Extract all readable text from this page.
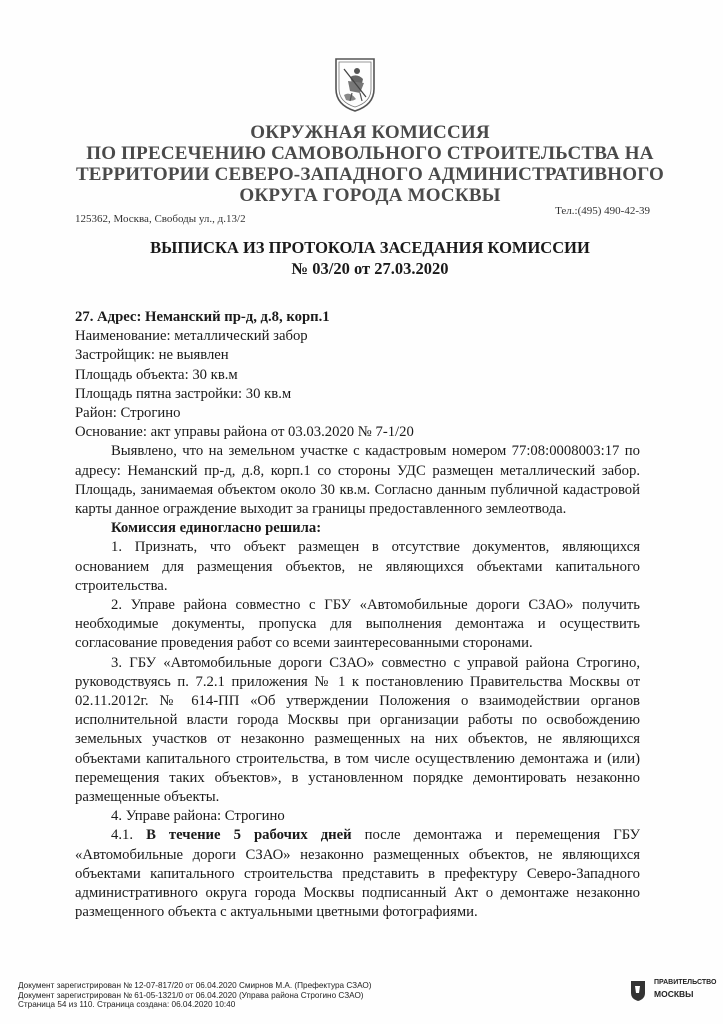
ОКРУЖНАЯ КОМИССИЯ
ПО ПРЕСЕЧЕНИЮ САМОВОЛЬНОГО СТРОИТЕЛЬСТВА НА
ТЕРРИТОРИИ СЕВЕРО-ЗАПАДНОГО АДМИНИСТРАТИВНОГО
ОКРУГА ГОРОДА МОСКВЫ
125362, Москва, Свободы ул., д.13/2
Тел.:(495) 490-42-39
ВЫПИСКА ИЗ ПРОТОКОЛА ЗАСЕДАНИЯ КОМИССИИ
№ 03/20 от 27.03.2020

27. Адрес: Неманский пр-д, д.8, корп.1

Наименование: металлический забор

Застройщик: не выявлен

Площадь объекта: 30 кв.м

Площадь пятна застройки: 30 кв.м

Район: Строгино

Основание: акт управы района от 03.03.2020 № 7-1/20

Выявлено, что на земельном участке с кадастровым номером 77:08:0008003:17 по адресу: Неманский пр-д, д.8, корп.1 со стороны УДС размещен металлический забор. Площадь, занимаемая объектом около 30 кв.м. Согласно данным публичной кадастровой карты данное ограждение выходит за границы предоставленного землеотвода.

Комиссия единогласно решила:

1. Признать, что объект размещен в отсутствие документов, являющихся основанием для размещения объектов, не являющихся объектами капитального строительства.

2. Управе района совместно с ГБУ «Автомобильные дороги СЗАО» получить необходимые документы, пропуска для выполнения демонтажа и осуществить согласование проведения работ со всеми заинтересованными сторонами.

3. ГБУ «Автомобильные дороги СЗАО» совместно с управой района Строгино, руководствуясь п. 7.2.1 приложения № 1 к постановлению Правительства Москвы от 02.11.2012г. № 614-ПП «Об утверждении Положения о взаимодействии органов исполнительной власти города Москвы при организации работы по освобождению земельных участков от незаконно размещенных на них объектов, не являющихся объектами капитального строительства, в том числе осуществлению демонтажа и (или) перемещения таких объектов», в установленном порядке демонтировать незаконно размещенные объекты.

4. Управе района: Строгино

4.1. В течение 5 рабочих дней после демонтажа и перемещения ГБУ «Автомобильные дороги СЗАО» незаконно размещенных объектов, не являющихся объектами капитального строительства представить в префектуру Северо-Западного административного округа города Москвы подписанный Акт о демонтаже незаконно размещенного объекта с актуальными цветными фотографиями.

Документ зарегистрирован № 12-07-817/20 от 06.04.2020 Смирнов М.А. (Префектура СЗАО)
Документ зарегистрирован № 61-05-1321/0 от 06.04.2020 (Управа района Строгино СЗАО)
Страница 54 из 110. Страница создана: 06.04.2020 10:40
ПРАВИТЕЛЬСТВО
МОСКВЫ
